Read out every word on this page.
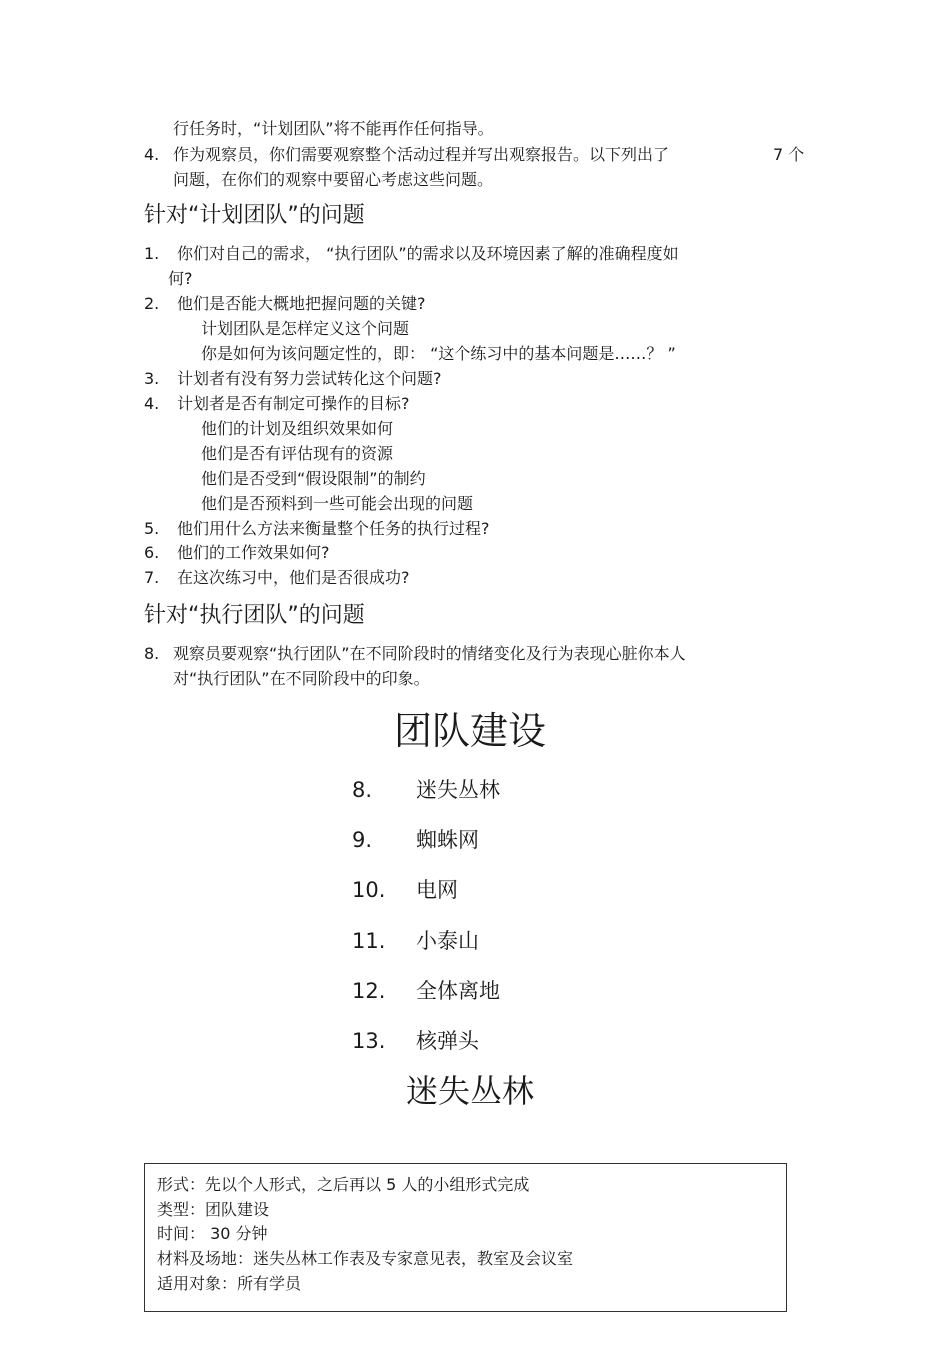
行任务时，“计划团队”将不能再作任何指导。
4. 作为观察员，你们需要观察整个活动过程并写出观察报告。以下列出了	7 个
问题，在你们的观察中要留心考虑这些问题。
针对“计划团队”的问题
1. 你们对自己的需求， “执行团队”的需求以及环境因素了解的准确程度如
何?
2. 他们是否能大概地把握问题的关键?
计划团队是怎样定义这个问题
你是如何为该问题定性的，即： “这个练习中的基本问题是……？ ”
3. 计划者有没有努力尝试转化这个问题?
4. 计划者是否有制定可操作的目标?
他们的计划及组织效果如何
他们是否有评估现有的资源
他们是否受到“假设限制”的制约
他们是否预料到一些可能会出现的问题
5. 他们用什么方法来衡量整个任务的执行过程?
6. 他们的工作效果如何?
7. 在这次练习中，他们是否很成功?
针对“执行团队”的问题
8. 观察员要观察“执行团队”在不同阶段时的情绪变化及行为表现心脏你本人
对“执行团队”在不同阶段中的印象。
团队建设
8. 迷失丛林
9. 蜘蛛网
10. 电网
11. 小泰山
12. 全体离地
13. 核弹头
迷失丛林
形式：先以个人形式，之后再以 5 人的小组形式完成
类型：团队建设
时间： 30 分钟
材料及场地：迷失丛林工作表及专家意见表，教室及会议室
适用对象：所有学员
